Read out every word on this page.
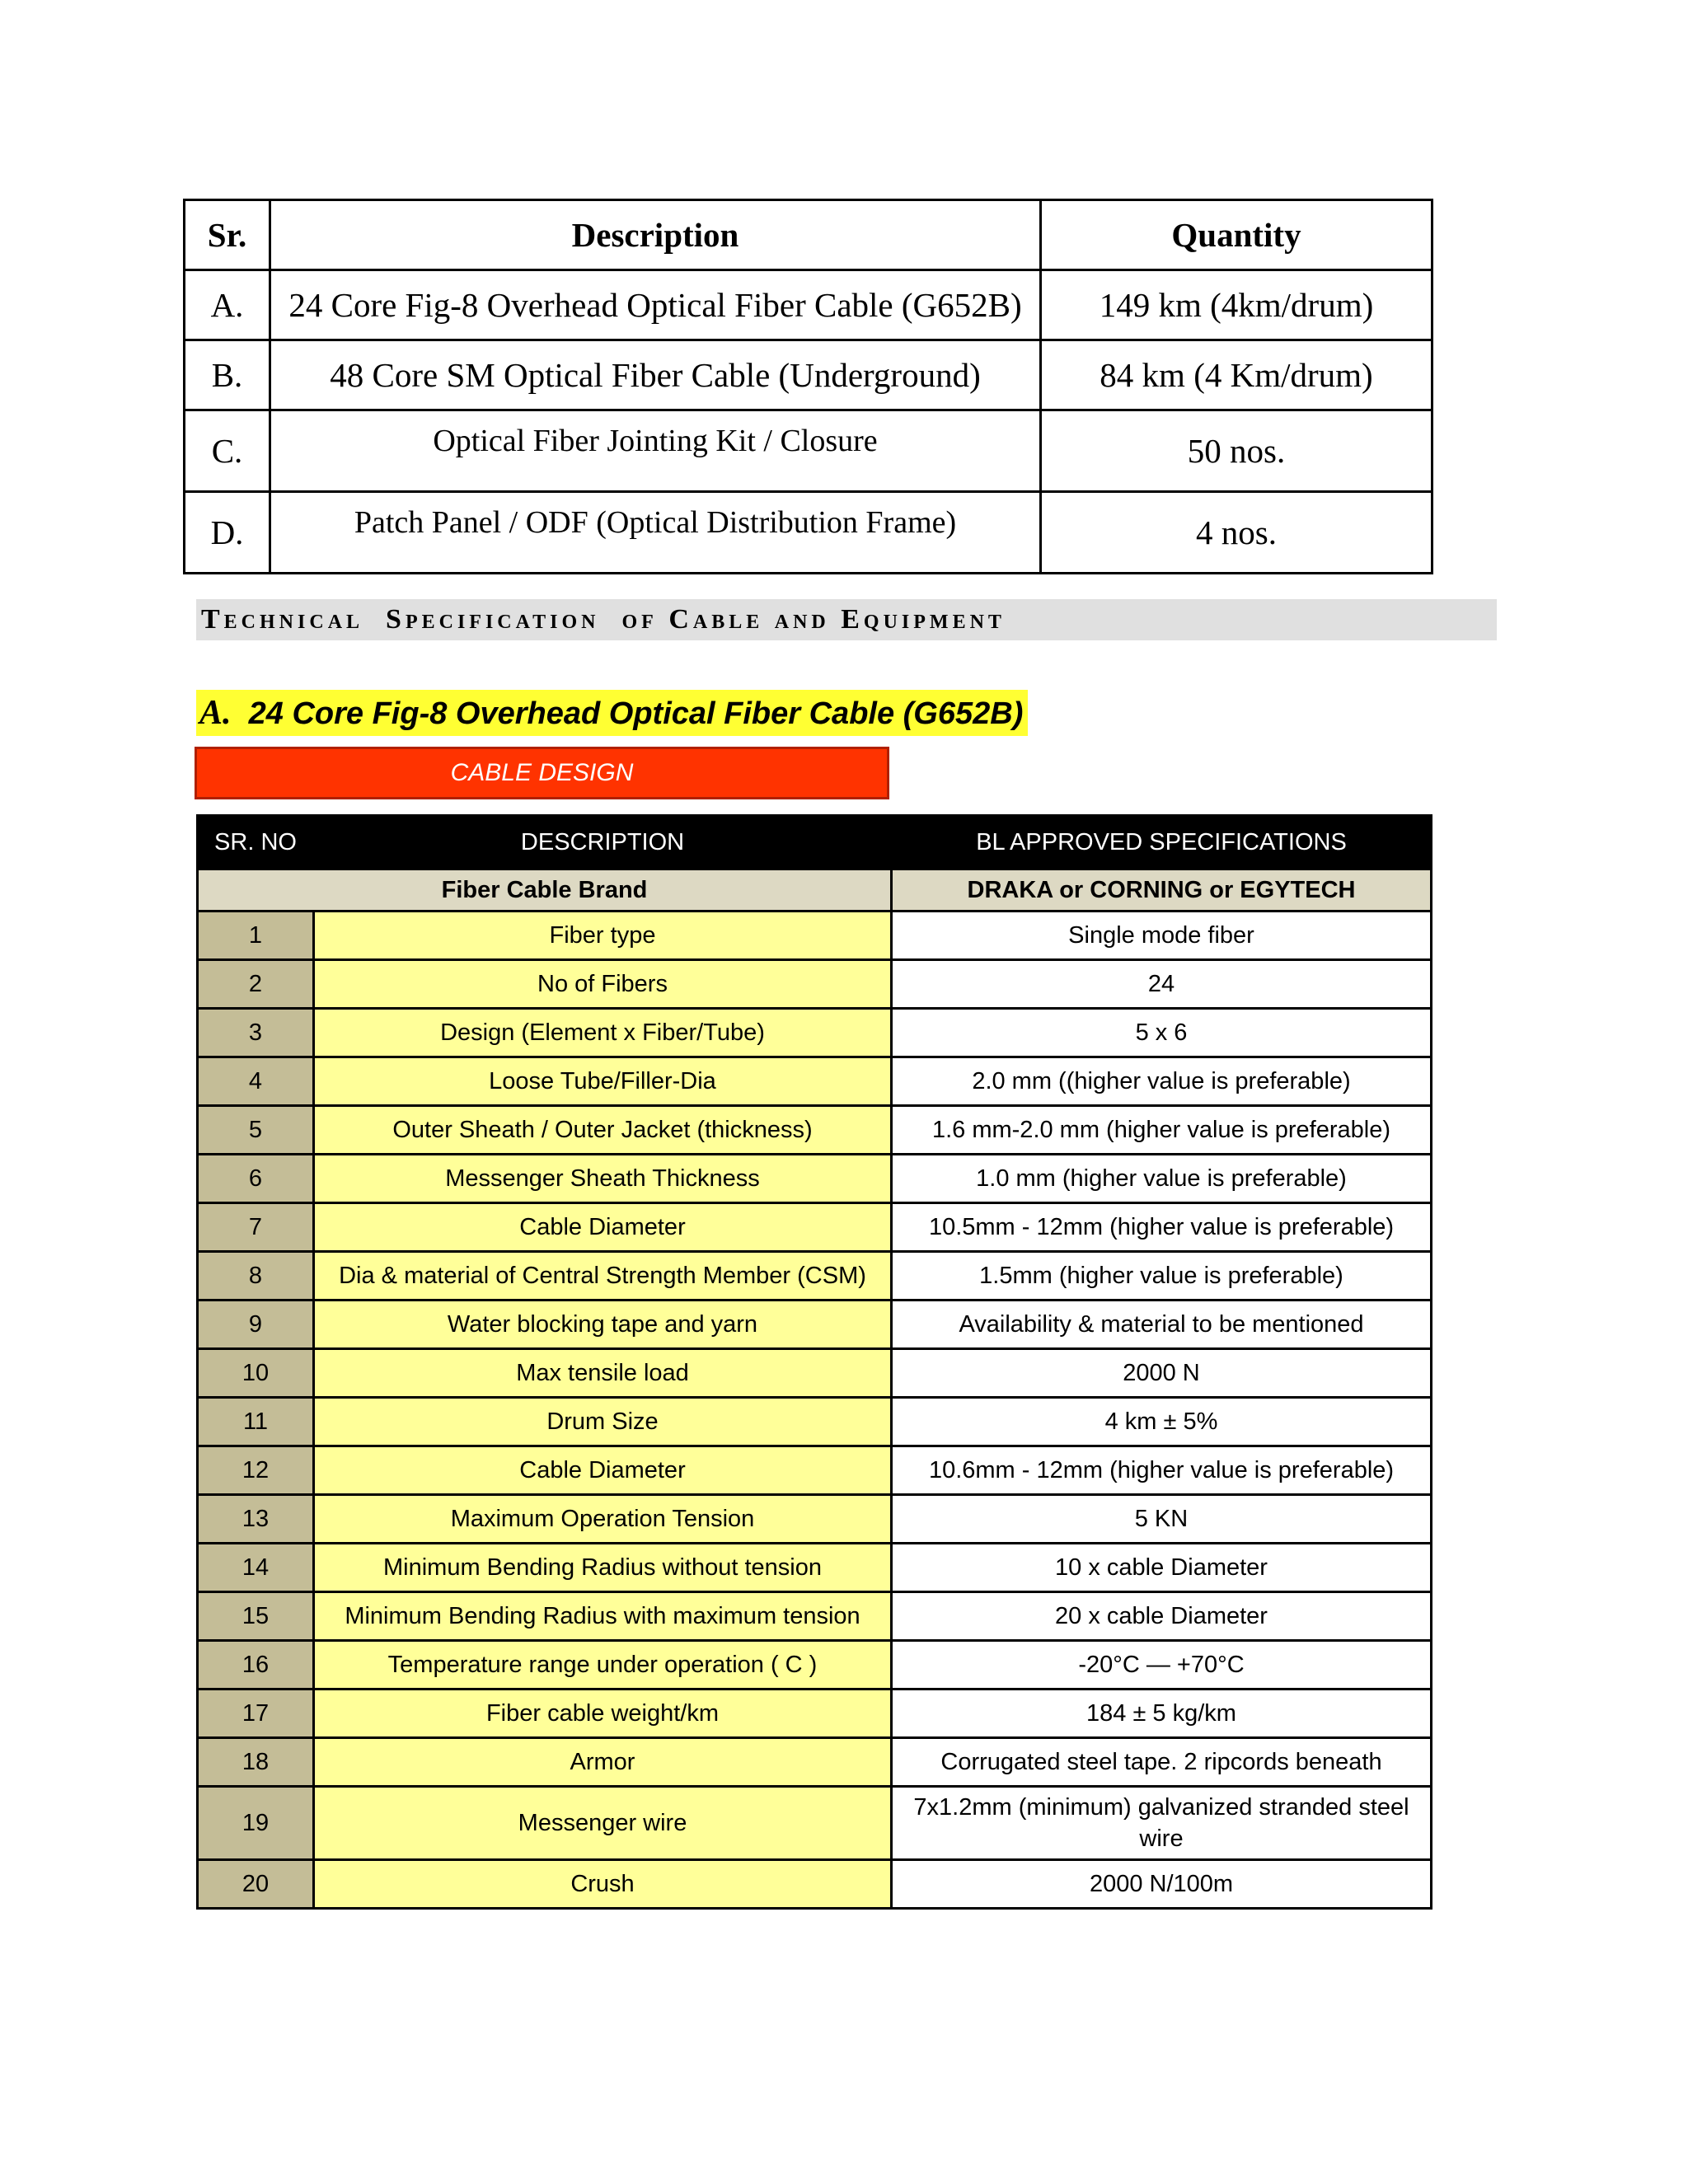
Sr.	Description	Quantity
A.	24 Core Fig-8 Overhead Optical Fiber Cable (G652B)	149 km (4km/drum)
B.	48 Core SM Optical Fiber Cable (Underground)	84 km (4 Km/drum)
C.	Optical Fiber Jointing Kit / Closure	50 nos.
D.	Patch Panel / ODF (Optical Distribution Frame)	4 nos.
Technical  Specification  of Cable and Equipment
A. 24 Core Fig-8 Overhead Optical Fiber Cable (G652B)
CABLE DESIGN
SR. NO	DESCRIPTION	BL APPROVED SPECIFICATIONS
Fiber Cable Brand		DRAKA or CORNING or EGYTECH
1	Fiber type	Single mode fiber
2	No of Fibers	24
3	Design (Element x Fiber/Tube)	5 x 6
4	Loose Tube/Filler-Dia	2.0 mm ((higher value is preferable)
5	Outer Sheath / Outer Jacket (thickness)	1.6 mm-2.0 mm (higher value is preferable)
6	Messenger Sheath Thickness	1.0 mm (higher value is preferable)
7	Cable Diameter	10.5mm - 12mm (higher value is preferable)
8	Dia & material of Central Strength Member (CSM)	1.5mm (higher value is preferable)
9	Water blocking tape and yarn	Availability & material to be mentioned
10	Max tensile load	2000 N
11	Drum Size	4 km ± 5%
12	Cable Diameter	10.6mm - 12mm (higher value is preferable)
13	Maximum Operation Tension	5 KN
14	Minimum Bending Radius without tension	10 x cable Diameter
15	Minimum Bending Radius with maximum tension	20 x cable Diameter
16	Temperature range under operation ( C )	-20°C — +70°C
17	Fiber cable weight/km	184 ± 5 kg/km
18	Armor	Corrugated steel tape. 2 ripcords beneath
19	Messenger wire	7x1.2mm (minimum) galvanized stranded steel wire
20	Crush	2000 N/100m
